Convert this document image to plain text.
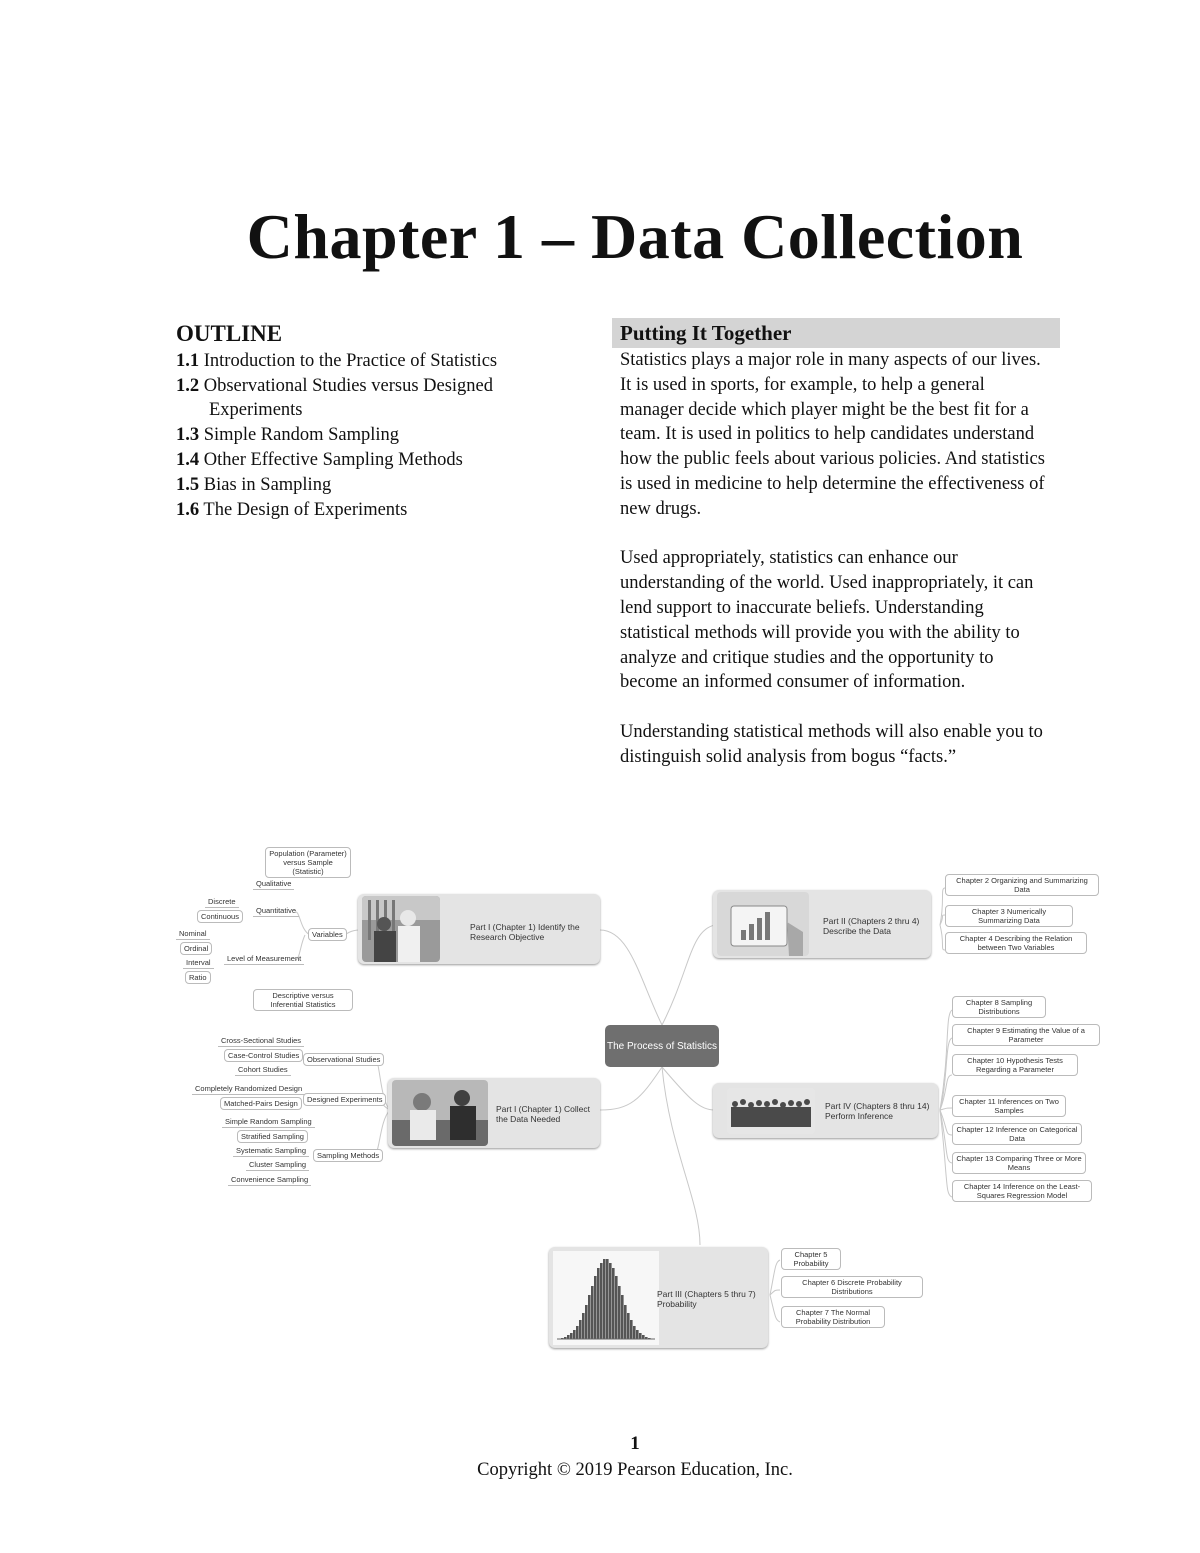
Chapter 1 – Data Collection
OUTLINE
1.1 Introduction to the Practice of Statistics
1.2 Observational Studies versus Designed Experiments
1.3 Simple Random Sampling
1.4 Other Effective Sampling Methods
1.5 Bias in Sampling
1.6 The Design of Experiments
Putting It Together

Statistics plays a major role in many aspects of our lives. It is used in sports, for example, to help a general manager decide which player might be the best fit for a team. It is used in politics to help candidates understand how the public feels about various policies. And statistics is used in medicine to help determine the effectiveness of new drugs.

Used appropriately, statistics can enhance our understanding of the world. Used inappropriately, it can lend support to inaccurate beliefs. Understanding statistical methods will provide you with the ability to analyze and critique studies and the opportunity to become an informed consumer of information.

Understanding statistical methods will also enable you to distinguish solid analysis from bogus “facts.”

The Process of Statistics
Part I (Chapter 1) Identify the Research Objective
Population (Parameter) versus Sample (Statistic)
Variables
Qualitative
Quantitative
Discrete
Continuous
Level of Measurement
Nominal
Ordinal
Interval
Ratio
Descriptive versus Inferential Statistics
Part I (Chapter 1) Collect the Data Needed
Cross-Sectional Studies
Case-Control Studies
Cohort Studies
Observational Studies
Completely Randomized Design
Matched-Pairs Design	Designed Experiments
Simple Random Sampling
Stratified Sampling
Systematic Sampling
Cluster Sampling
Convenience Sampling
Sampling Methods
Part II (Chapters 2 thru 4) Describe the Data
Chapter 2 Organizing and Summarizing Data
Chapter 3 Numerically Summarizing Data
Chapter 4 Describing the Relation between Two Variables
Part IV (Chapters 8 thru 14) Perform Inference
Chapter 8 Sampling Distributions
Chapter 9 Estimating the Value of a Parameter
Chapter 10 Hypothesis Tests Regarding a Parameter
Chapter 11 Inferences on Two Samples
Chapter 12 Inference on Categorical Data
Chapter 13 Comparing Three or More Means
Chapter 14 Inference on the Least-Squares Regression Model
Part III (Chapters 5 thru 7) Probability
Chapter 5 Probability
Chapter 6 Discrete Probability Distributions
Chapter 7 The Normal Probability Distribution
1
Copyright © 2019 Pearson Education, Inc.
